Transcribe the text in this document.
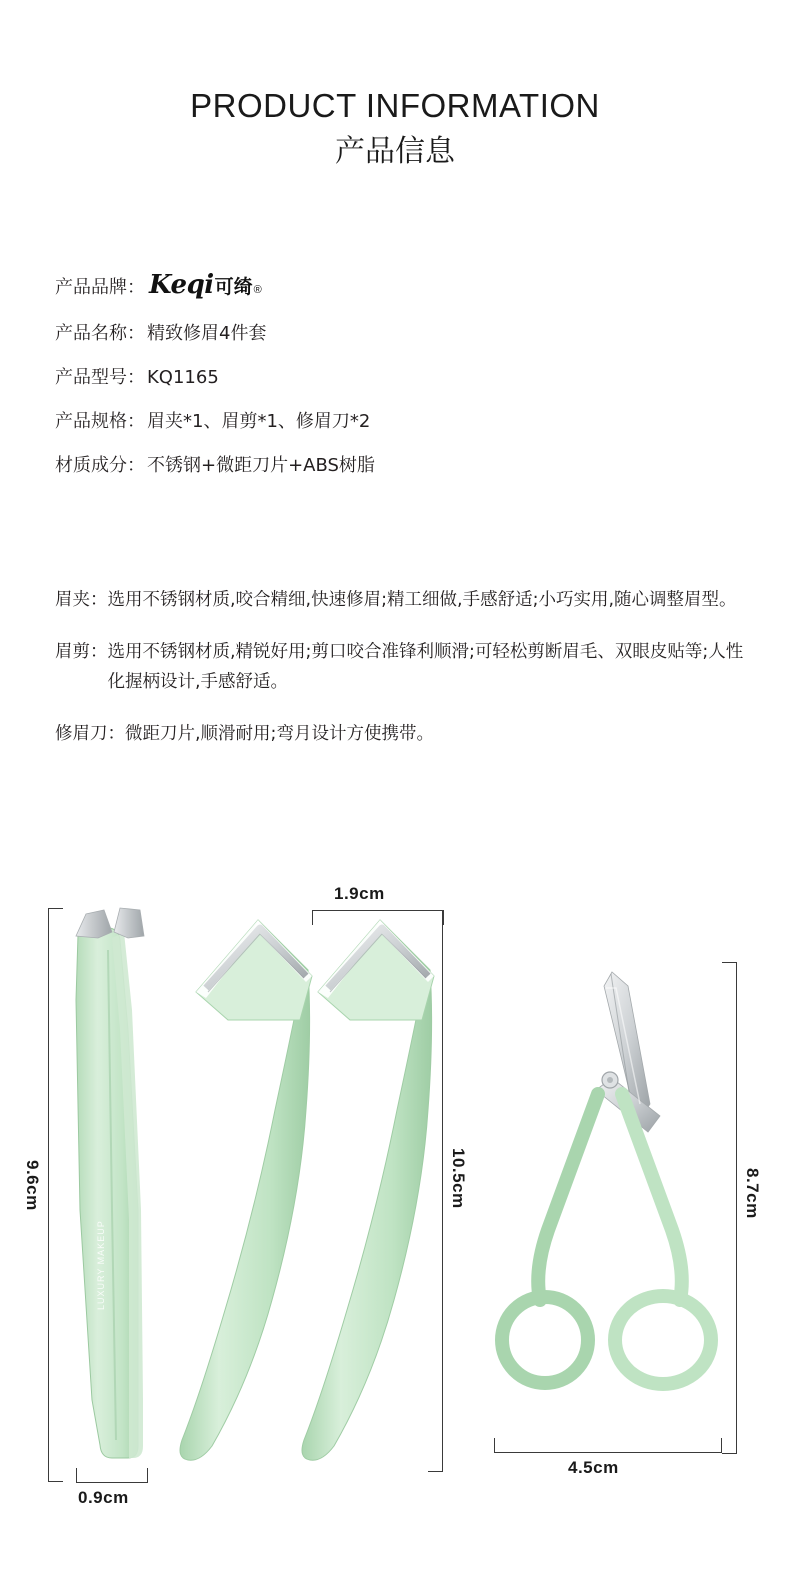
PRODUCT INFORMATION
产品信息
产品品牌： Keqi 可绮 ®
产品名称： 精致修眉4件套
产品型号： KQ1165
产品规格： 眉夹*1、眉剪*1、修眉刀*2
材质成分： 不锈钢+微距刀片+ABS树脂
眉夹： 选用不锈钢材质,咬合精细,快速修眉;精工细做,手感舒适;小巧实用,随心调整眉型。
眉剪： 选用不锈钢材质,精锐好用;剪口咬合准锋利顺滑;可轻松剪断眉毛、双眼皮贴等;人性化握柄设计,手感舒适。
修眉刀： 微距刀片,顺滑耐用;弯月设计方使携带。
LUXURY MAKEUP
STAINLESS
9.6cm
0.9cm
1.9cm
10.5cm	8.7cm
4.5cm
